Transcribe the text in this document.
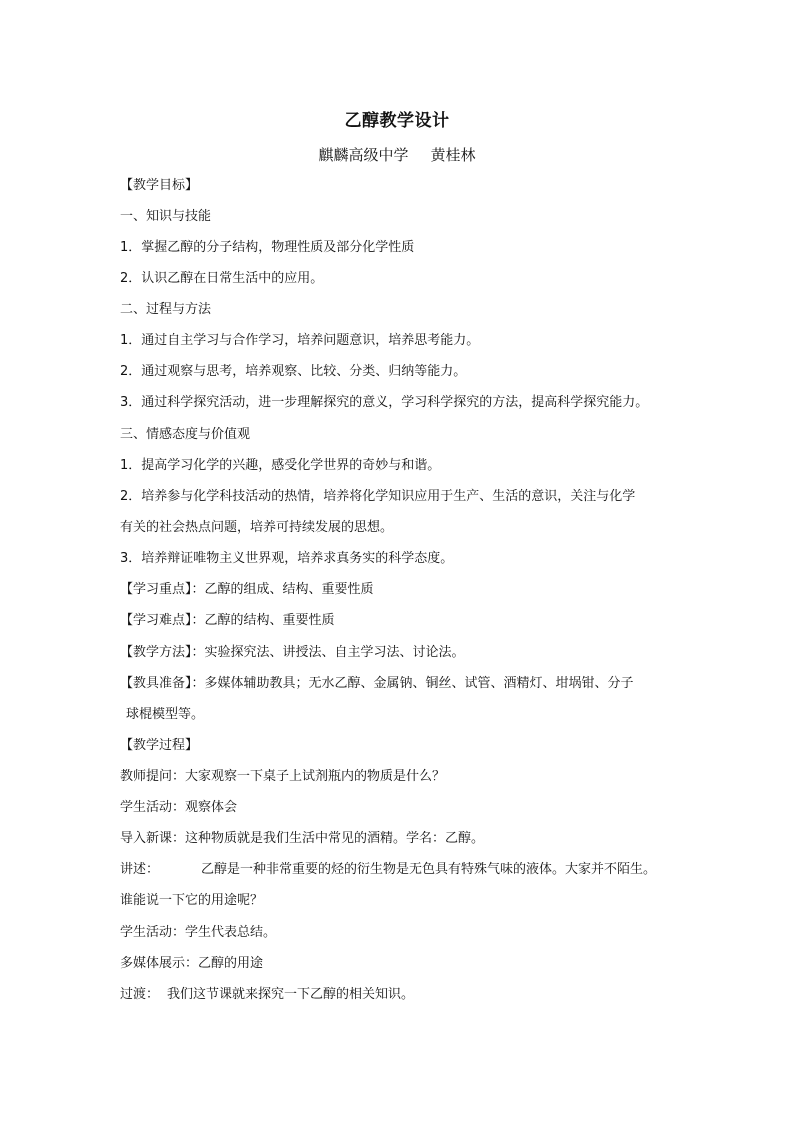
乙醇教学设计
麒麟高级中学 黄桂林
【教学目标】
一、知识与技能
1．掌握乙醇的分子结构，物理性质及部分化学性质
2．认识乙醇在日常生活中的应用。
二、过程与方法
1．通过自主学习与合作学习，培养问题意识，培养思考能力。
2．通过观察与思考，培养观察、比较、分类、归纳等能力。
3．通过科学探究活动，进一步理解探究的意义，学习科学探究的方法，提高科学探究能力。
三、情感态度与价值观
1．提高学习化学的兴趣，感受化学世界的奇妙与和谐。
2．培养参与化学科技活动的热情，培养将化学知识应用于生产、生活的意识，关注与化学
有关的社会热点问题，培养可持续发展的思想。
3．培养辩证唯物主义世界观，培养求真务实的科学态度。
【学习重点】：乙醇的组成、结构、重要性质
【学习难点】：乙醇的结构、重要性质
【教学方法】：实验探究法、讲授法、自主学习法、讨论法。
【教具准备】：多媒体辅助教具；无水乙醇、金属钠、铜丝、试管、酒精灯、坩埚钳、分子
球棍模型等。
【教学过程】
教师提问：大家观察一下桌子上试剂瓶内的物质是什么？
学生活动：观察体会
导入新课：这种物质就是我们生活中常见的酒精。学名：乙醇。
讲述：	乙醇是一种非常重要的烃的衍生物是无色具有特殊气味的液体。大家并不陌生。
谁能说一下它的用途呢？
学生活动：学生代表总结。
多媒体展示：乙醇的用途
过渡： 我们这节课就来探究一下乙醇的相关知识。
